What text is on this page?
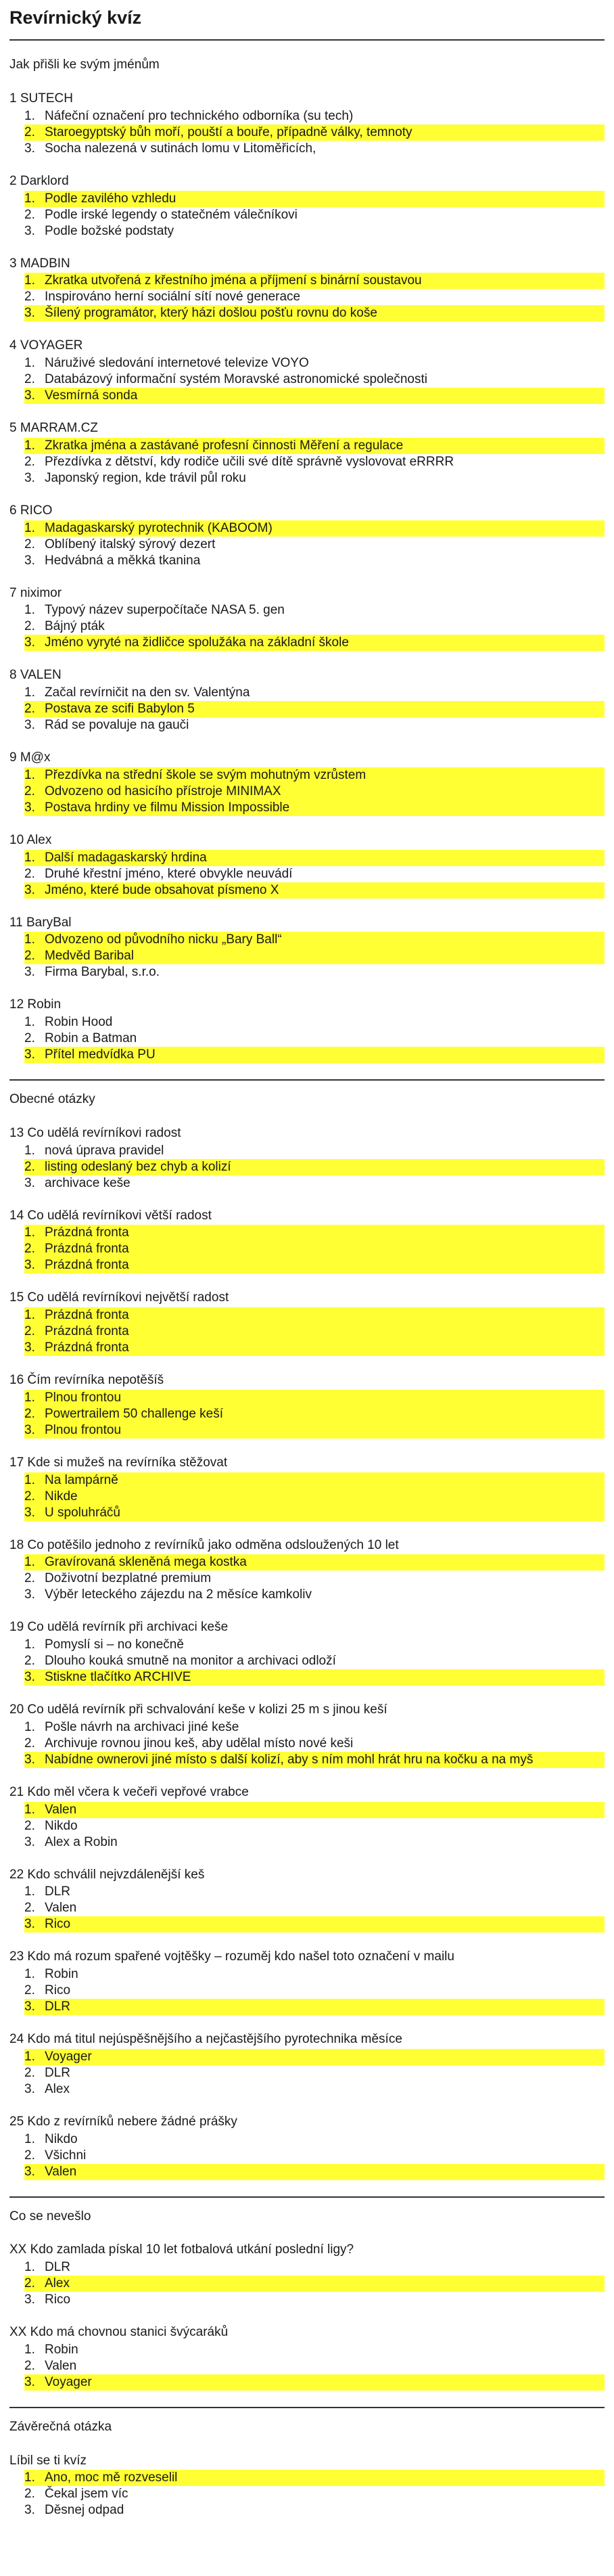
Revírnický kvíz
Jak přišli ke svým jménům
1 SUTECH
Náfeční označení pro technického odborníka (su tech)
Staroegyptský bůh moří, pouští a bouře, případně války, temnoty
Socha nalezená v sutinách lomu v Litoměřicích,
2 Darklord
Podle zavilého vzhledu
Podle irské legendy o statečném válečníkovi
Podle božské podstaty
3 MADBIN
Zkratka utvořená z křestního jména a příjmení s binární soustavou
Inspirováno herní sociální sítí nové generace
Šílený programátor, který házi došlou pošťu rovnu do koše
4 VOYAGER
Náruživé sledování internetové televize VOYO
Databázový informační systém Moravské astronomické společnosti
Vesmírná sonda
5 MARRAM.CZ
Zkratka jména a zastávané profesní činnosti Měření a regulace
Přezdívka z dětství, kdy rodiče učili své dítě správně vyslovovat eRRRR
Japonský region, kde trávil půl roku
6 RICO
Madagaskarský pyrotechnik (KABOOM)
Oblíbený italský sýrový dezert
Hedvábná a měkká tkanina
7 niximor
Typový název superpočítače NASA 5. gen
Bájný pták
Jméno vyryté na židličce spolužáka na základní škole
8 VALEN
Začal revírničit na den sv. Valentýna
Postava ze scifi Babylon 5
Rád se povaluje na gauči
9 M@x
Přezdívka na střední škole se svým mohutným vzrůstem
Odvozeno od hasicího přístroje MINIMAX
Postava hrdiny ve filmu Mission Impossible
10 Alex
Další madagaskarský hrdina
Druhé křestní jméno, které obvykle neuvádí
Jméno, které bude obsahovat písmeno X
11 BaryBal
Odvozeno od původního nicku „Bary Ball“
Medvěd Baribal
Firma Barybal, s.r.o.
12 Robin
Robin Hood
Robin a Batman
Přítel medvídka PU
Obecné otázky
13 Co udělá revírníkovi radost
nová úprava pravidel
listing odeslaný bez chyb a kolizí
archivace keše
14 Co udělá revírníkovi větší radost
Prázdná fronta
Prázdná fronta
Prázdná fronta
15 Co udělá revírníkovi největší radost
Prázdná fronta
Prázdná fronta
Prázdná fronta
16 Čím revírníka nepotěšíš
Plnou frontou
Powertrailem 50 challenge keší
Plnou frontou
17 Kde si mužeš na revírníka stěžovat
Na lampárně
Nikde
U spoluhráčů
18 Co potěšilo jednoho z revírníků jako odměna odsloužených 10 let
Gravírovaná skleněná mega kostka
Doživotní bezplatné premium
Výběr leteckého zájezdu na 2 měsíce kamkoliv
19 Co udělá revírník při archivaci keše
Pomyslí si – no konečně
Dlouho kouká smutně na monitor a archivaci odloží
Stiskne tlačítko ARCHIVE
20 Co udělá revírník při schvalování keše v kolizi 25 m s jinou keší
Pošle návrh na archivaci jiné keše
Archivuje rovnou jinou keš, aby udělal místo nové keši
Nabídne ownerovi jiné místo s další kolizí, aby s ním mohl hrát hru na kočku a na myš
21 Kdo měl včera k večeři vepřové vrabce
Valen
Nikdo
Alex a Robin
22 Kdo schválil nejvzdálenější keš
DLR
Valen
Rico
23 Kdo má rozum spařené vojtěšky – rozuměj kdo našel toto označení v mailu
Robin
Rico
DLR
24 Kdo má titul nejúspěšnějšího a nejčastějšího pyrotechnika měsíce
Voyager
DLR
Alex
25 Kdo z revírníků nebere žádné prášky
Nikdo
Všichni
Valen
Co se nevešlo
XX Kdo zamlada pískal 10 let fotbalová utkání poslední ligy?
DLR
Alex
Rico
XX Kdo má chovnou stanici švýcaráků
Robin
Valen
Voyager
Závěrečná otázka
Líbil se ti kvíz
Ano, moc mě rozveselil
Čekal jsem víc
Děsnej odpad
